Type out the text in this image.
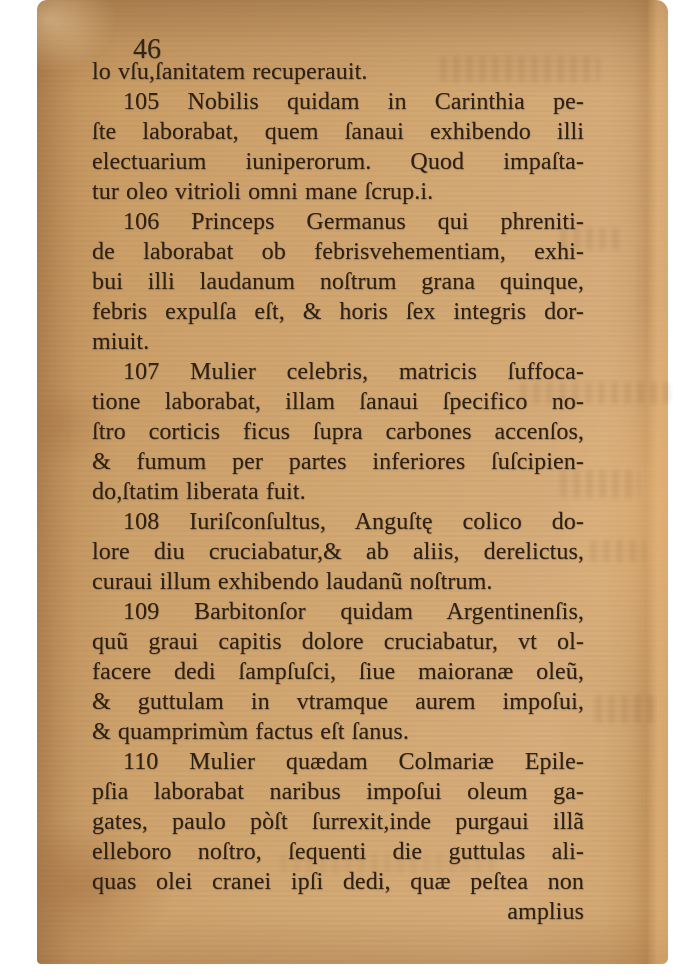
46
lo vſu,ſanitatem recuperauit.
105 Nobilis quidam in Carinthia pe-
ſte laborabat, quem ſanaui exhibendo illi
electuarium iuniperorum. Quod impaſta-
tur oleo vitrioli omni mane ſcrup.i.
106 Princeps Germanus qui phreniti-
de laborabat ob febrisvehementiam, exhi-
bui illi laudanum noſtrum grana quinque,
febris expulſa eſt, & horis ſex integris dor-
miuit.
107 Mulier celebris, matricis ſuffoca-
tione laborabat, illam ſanaui ſpecifico no-
ſtro corticis ficus ſupra carbones accenſos,
& fumum per partes inferiores ſuſcipien-
do,ſtatim liberata fuit.
108 Iuriſconſultus, Anguſtę colico do-
lore diu cruciabatur,& ab aliis, derelictus,
curaui illum exhibendo laudanũ noſtrum.
109 Barbitonſor quidam Argentinenſis,
quũ graui capitis dolore cruciabatur, vt ol-
facere dedi ſampſuſci, ſiue maioranæ oleũ,
& guttulam in vtramque aurem impoſui,
& quamprimùm factus eſt ſanus.
110 Mulier quædam Colmariæ Epile-
pſia laborabat naribus impoſui oleum ga-
gates, paulo pòſt ſurrexit,inde purgaui illã
elleboro noſtro, ſequenti die guttulas ali-
quas olei cranei ipſi dedi, quæ peſtea non
amplius
